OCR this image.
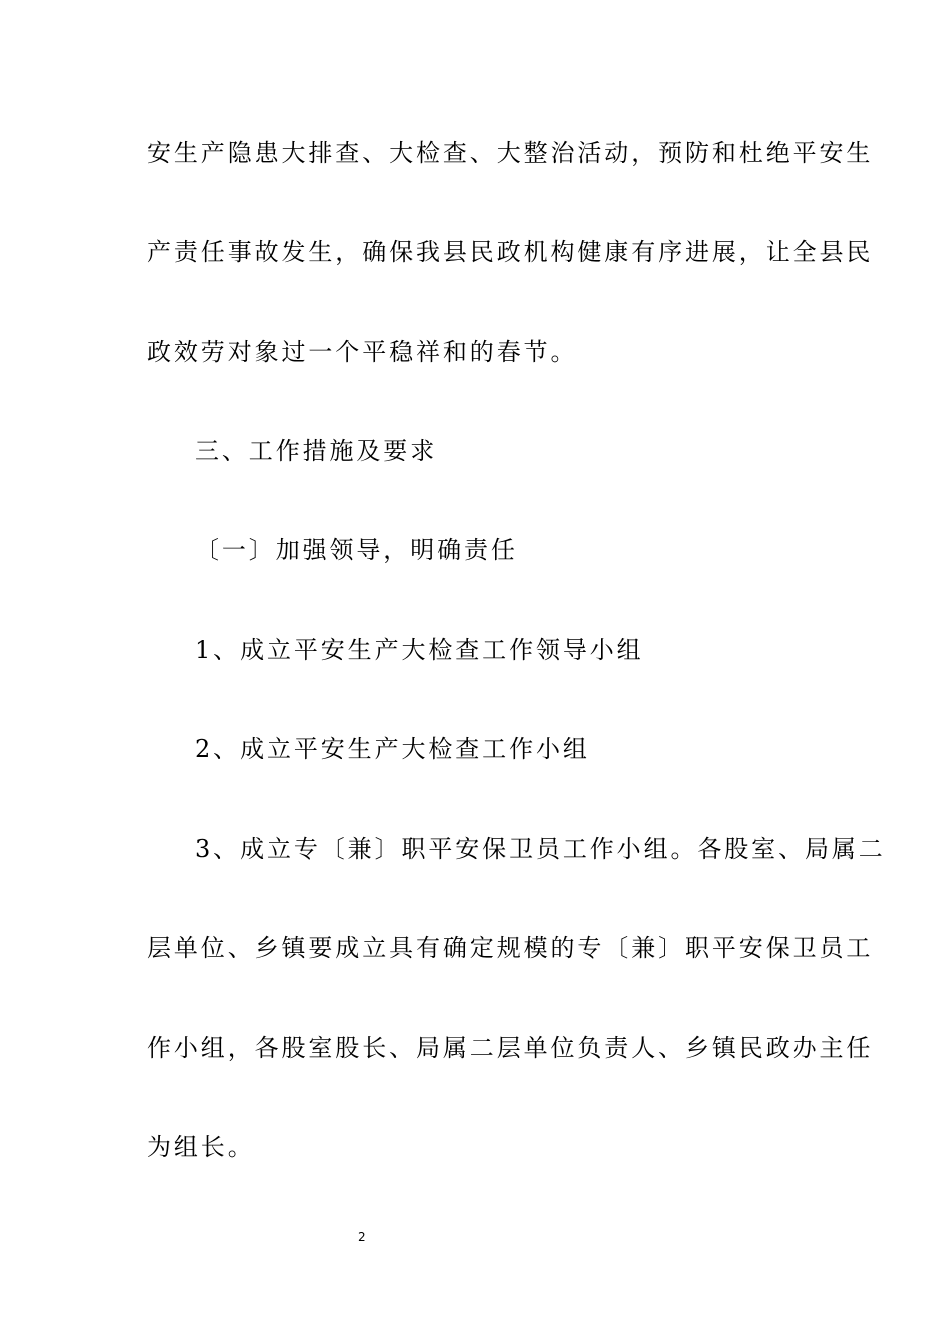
安生产隐患大排查、大检查、大整治活动，预防和杜绝平安生
产责任事故发生，确保我县民政机构健康有序进展，让全县民
政效劳对象过一个平稳祥和的春节。
三、工作措施及要求
〔一〕加强领导，明确责任
1、成立平安生产大检查工作领导小组
2、成立平安生产大检查工作小组
3、成立专〔兼〕职平安保卫员工作小组。各股室、局属二
层单位、乡镇要成立具有确定规模的专〔兼〕职平安保卫员工
作小组，各股室股长、局属二层单位负责人、乡镇民政办主任
为组长。
2
